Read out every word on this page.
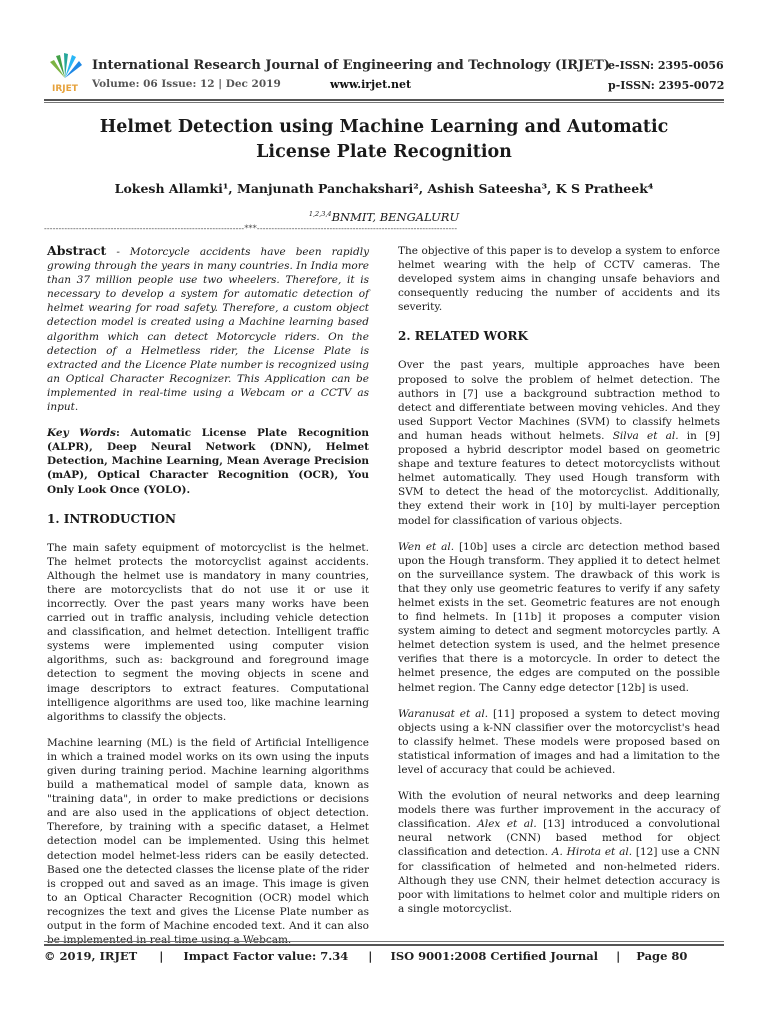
IRJET
International Research Journal of Engineering and Technology (IRJET)
Volume: 06 Issue: 12 | Dec 2019	www.irjet.net
e-ISSN: 2395-0056
p-ISSN: 2395-0072
Helmet Detection using Machine Learning and Automatic License Plate Recognition
Lokesh Allamki¹, Manjunath Panchakshari², Ashish Sateesha³, K S Pratheek⁴
$^{1,2,3,4}$BNMIT, BENGALURU
---------------------------------------------------------------------***---------------------------------------------------------------------

Abstract - Motorcycle accidents have been rapidly growing through the years in many countries. In India more than 37 million people use two wheelers. Therefore, it is necessary to develop a system for automatic detection of helmet wearing for road safety. Therefore, a custom object detection model is created using a Machine learning based algorithm which can detect Motorcycle riders. On the detection of a Helmetless rider, the License Plate is extracted and the Licence Plate number is recognized using an Optical Character Recognizer. This Application can be implemented in real-time using a Webcam or a CCTV as input.

Key Words: Automatic License Plate Recognition (ALPR), Deep Neural Network (DNN), Helmet Detection, Machine Learning, Mean Average Precision (mAP), Optical Character Recognition (OCR), You Only Look Once (YOLO).

1. INTRODUCTION

The main safety equipment of motorcyclist is the helmet. The helmet protects the motorcyclist against accidents. Although the helmet use is mandatory in many countries, there are motorcyclists that do not use it or use it incorrectly. Over the past years many works have been carried out in traffic analysis, including vehicle detection and classification, and helmet detection. Intelligent traffic systems were implemented using computer vision algorithms, such as: background and foreground image detection to segment the moving objects in scene and image descriptors to extract features. Computational intelligence algorithms are used too, like machine learning algorithms to classify the objects.

Machine learning (ML) is the field of Artificial Intelligence in which a trained model works on its own using the inputs given during training period. Machine learning algorithms build a mathematical model of sample data, known as "training data", in order to make predictions or decisions and are also used in the applications of object detection. Therefore, by training with a specific dataset, a Helmet detection model can be implemented. Using this helmet detection model helmet-less riders can be easily detected. Based one the detected classes the license plate of the rider is cropped out and saved as an image. This image is given to an Optical Character Recognition (OCR) model which recognizes the text and gives the License Plate number as output in the form of Machine encoded text. And it can also be implemented in real time using a Webcam.

The objective of this paper is to develop a system to enforce helmet wearing with the help of CCTV cameras. The developed system aims in changing unsafe behaviors and consequently reducing the number of accidents and its severity.

2. RELATED WORK

Over the past years, multiple approaches have been proposed to solve the problem of helmet detection. The authors in [7] use a background subtraction method to detect and differentiate between moving vehicles. And they used Support Vector Machines (SVM) to classify helmets and human heads without helmets. Silva et al. in [9] proposed a hybrid descriptor model based on geometric shape and texture features to detect motorcyclists without helmet automatically. They used Hough transform with SVM to detect the head of the motorcyclist. Additionally, they extend their work in [10] by multi-layer perception model for classification of various objects.

Wen et al. [10b] uses a circle arc detection method based upon the Hough transform. They applied it to detect helmet on the surveillance system. The drawback of this work is that they only use geometric features to verify if any safety helmet exists in the set. Geometric features are not enough to find helmets. In [11b] it proposes a computer vision system aiming to detect and segment motorcycles partly. A helmet detection system is used, and the helmet presence verifies that there is a motorcycle. In order to detect the helmet presence, the edges are computed on the possible helmet region. The Canny edge detector [12b] is used.

Waranusat et al. [11] proposed a system to detect moving objects using a k-NN classifier over the motorcyclist's head to classify helmet. These models were proposed based on statistical information of images and had a limitation to the level of accuracy that could be achieved.

With the evolution of neural networks and deep learning models there was further improvement in the accuracy of classification. Alex et al. [13] introduced a convolutional neural network (CNN) based method for object classification and detection. A. Hirota et al. [12] use a CNN for classification of helmeted and non-helmeted riders. Although they use CNN, their helmet detection accuracy is poor with limitations to helmet color and multiple riders on a single motorcyclist.

© 2019, IRJET | Impact Factor value: 7.34 | ISO 9001:2008 Certified Journal | Page 80
